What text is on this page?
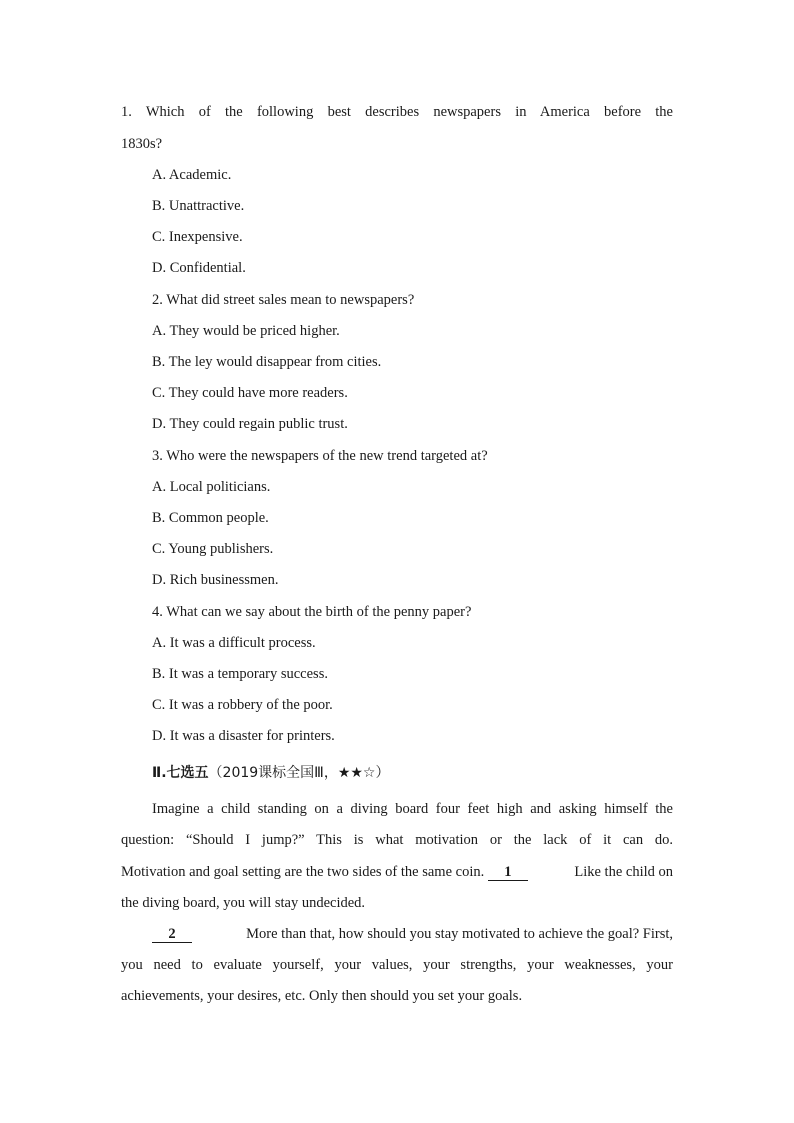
1. Which of the following best describes newspapers in America before the
1830s?
A. Academic.
B. Unattractive.
C. Inexpensive.
D. Confidential.
2. What did street sales mean to newspapers?
A. They would be priced higher.
B. The ley would disappear from cities.
C. They could have more readers.
D. They could regain public trust.
3. Who were the newspapers of the new trend targeted at?
A. Local politicians.
B. Common people.
C. Young publishers.
D. Rich businessmen.
4. What can we say about the birth of the penny paper?
A. It was a difficult process.
B. It was a temporary success.
C. It was a robbery of the poor.
D. It was a disaster for printers.
Ⅱ.七选五（2019课标全国Ⅲ，★★☆）
Imagine a child standing on a diving board four feet high and asking himself the
question: “Should I jump?” This is what motivation or the lack of it can do.
Motivation and goal setting are the two sides of the same coin. 1	Like the child on
the diving board, you will stay undecided.
2	More than that, how should you stay motivated to achieve the goal? First,
you need to evaluate yourself, your values, your strengths, your weaknesses, your
achievements, your desires, etc. Only then should you set your goals.
